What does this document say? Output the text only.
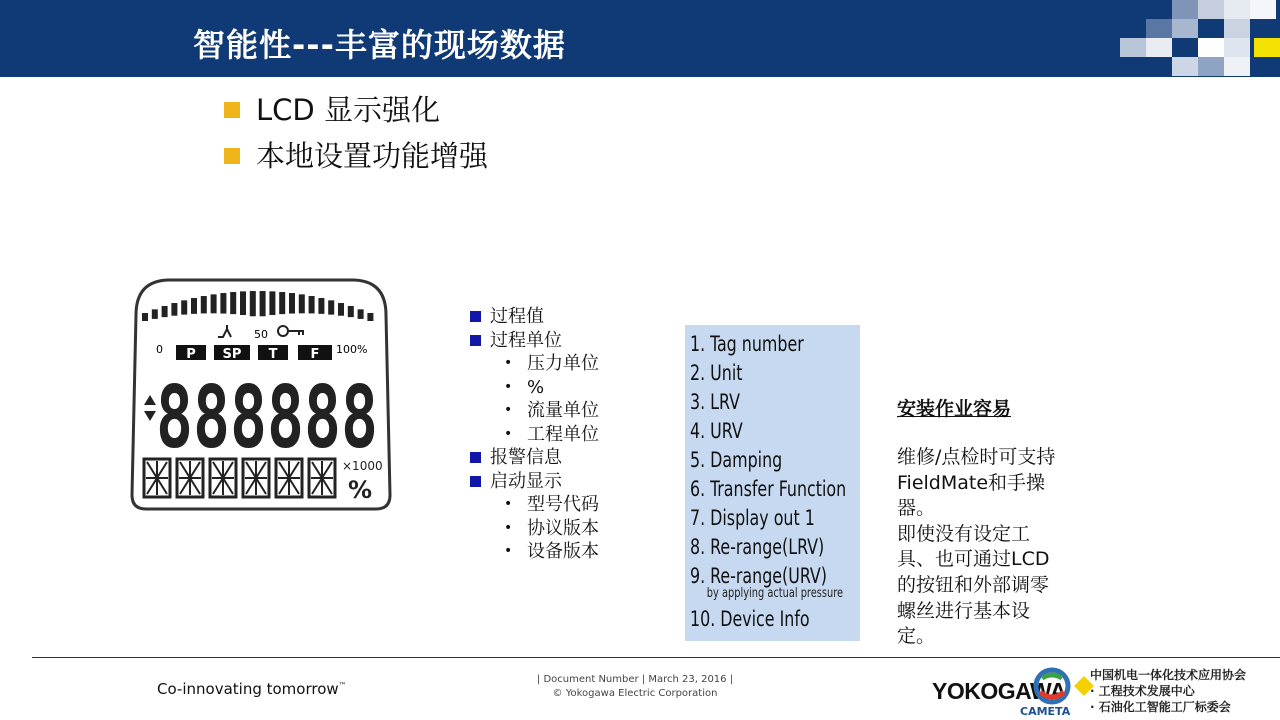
智能性---丰富的现场数据
LCD 显示强化
本地设置功能增强
0
50
100%
P SP T	F
888888
×1000
%
过程值
过程单位
• 压力单位
• %
• 流量单位
• 工程单位
报警信息
启动显示
• 型号代码
• 协议版本
• 设备版本
1. Tag number
2. Unit
3. LRV
4. URV
5. Damping
6. Transfer Function
7. Display out 1
8. Re-range(LRV)
9. Re-range(URV)
by applying actual pressure
10. Device Info
安装作业容易

维修/点检时可支持FieldMate和手操器。

即使没有设定工具、也可通过LCD的按钮和外部调零螺丝进行基本设定。

Co-innovating tomorrow™
| Document Number | March 23, 2016 |
© Yokogawa Electric Corporation	YOKOGAWA
CAMETA
中国机电一体化技术应用协会
· 工程技术发展中心
· 石油化工智能工厂标委会
